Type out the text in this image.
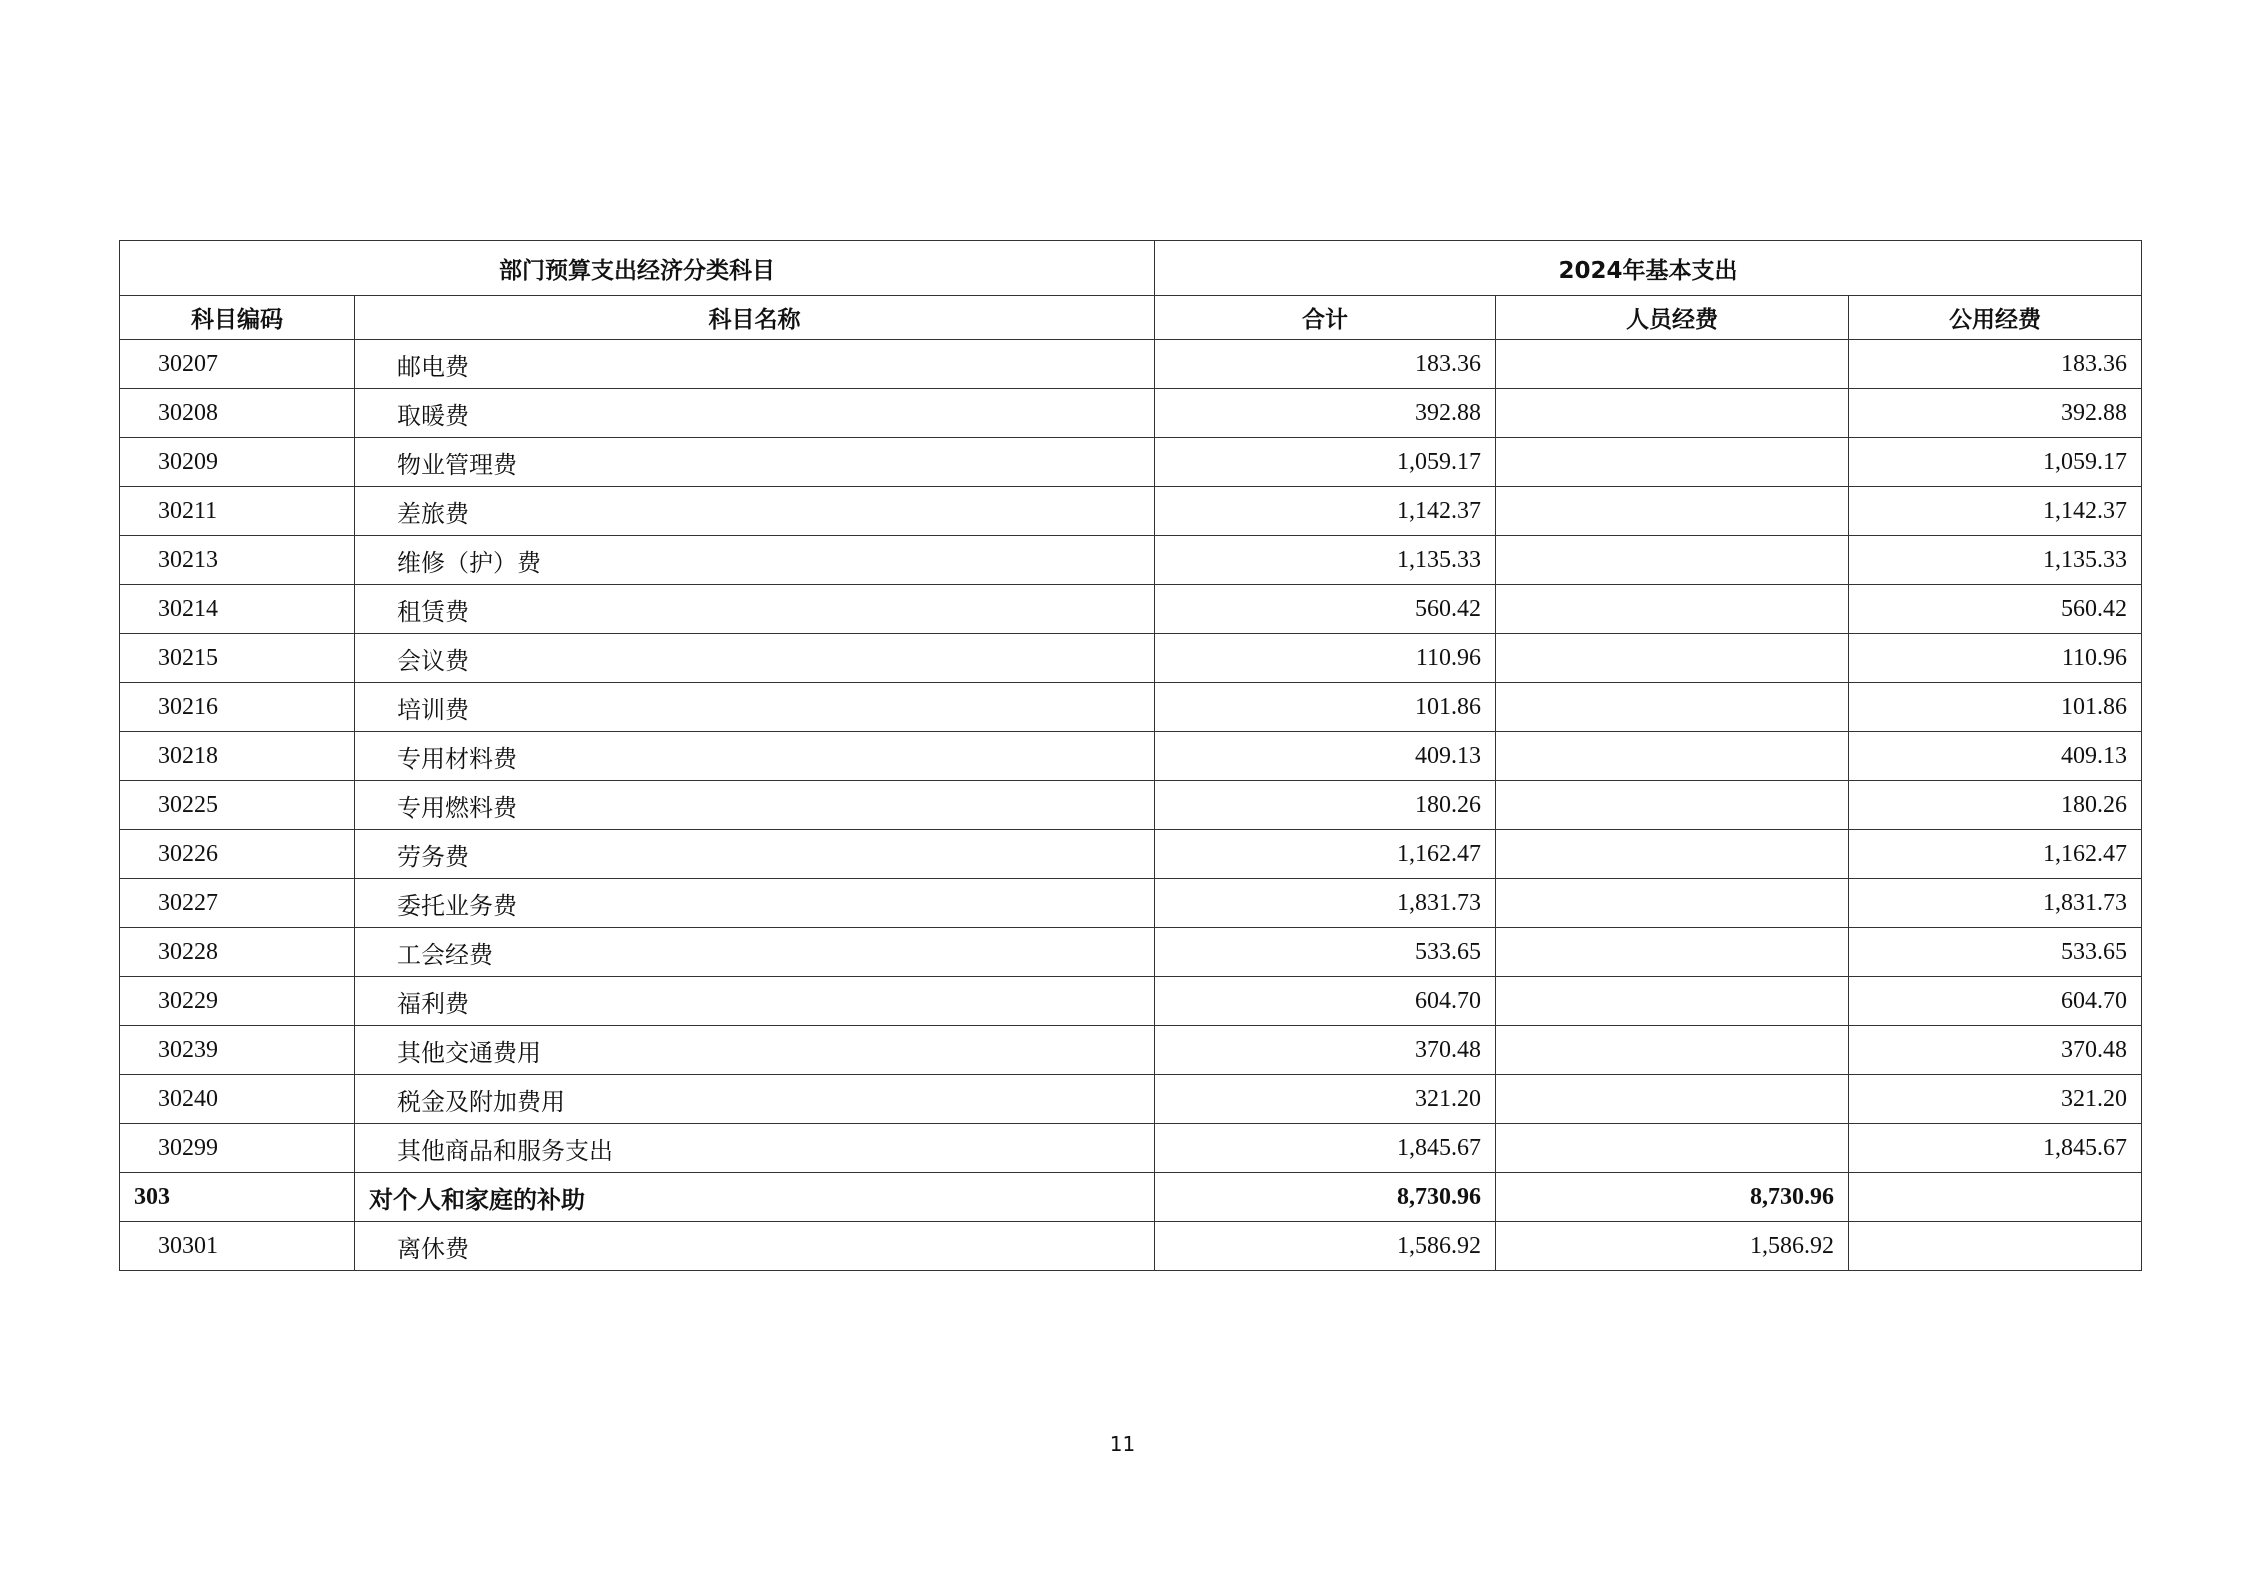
部门预算支出经济分类科目		2024年基本支出		
科目编码	科目名称	合计	人员经费	公用经费
30207	邮电费	183.36		183.36
30208	取暖费	392.88		392.88
30209	物业管理费	1,059.17		1,059.17
30211	差旅费	1,142.37		1,142.37
30213	维修（护）费	1,135.33		1,135.33
30214	租赁费	560.42		560.42
30215	会议费	110.96		110.96
30216	培训费	101.86		101.86
30218	专用材料费	409.13		409.13
30225	专用燃料费	180.26		180.26
30226	劳务费	1,162.47		1,162.47
30227	委托业务费	1,831.73		1,831.73
30228	工会经费	533.65		533.65
30229	福利费	604.70		604.70
30239	其他交通费用	370.48		370.48
30240	税金及附加费用	321.20		321.20
30299	其他商品和服务支出	1,845.67		1,845.67
303	对个人和家庭的补助	8,730.96	8,730.96	
30301	离休费	1,586.92	1,586.92	
11
